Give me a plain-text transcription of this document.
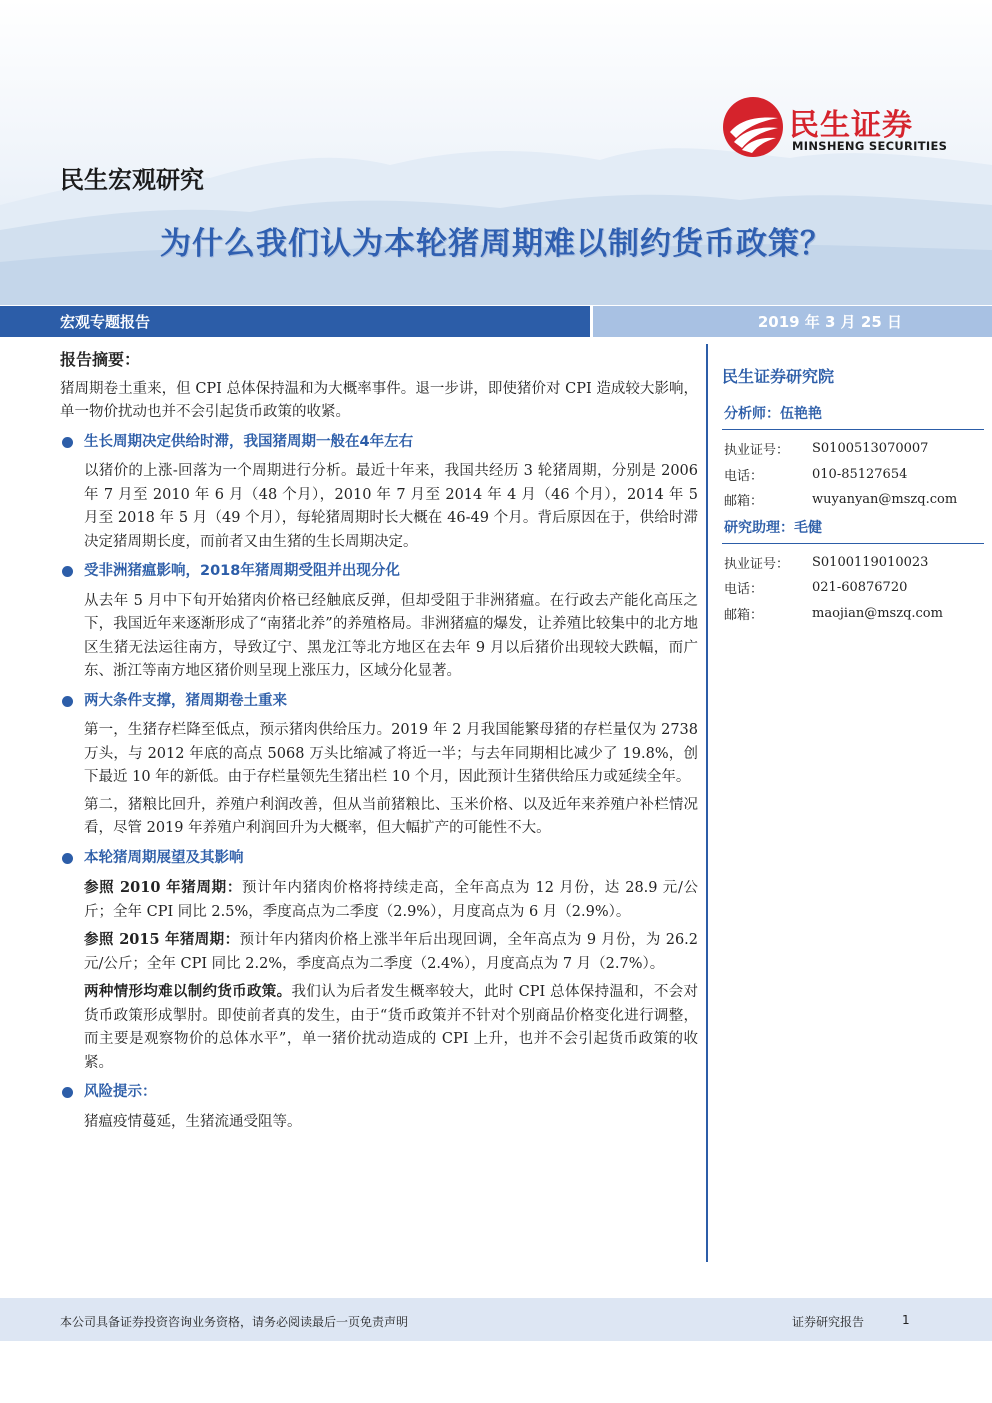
民生证券
MINSHENG SECURITIES
民生宏观研究
为什么我们认为本轮猪周期难以制约货币政策？
宏观专题报告	2019 年 3 月 25 日
报告摘要：
猪周期卷土重来，但 CPI 总体保持温和为大概率事件。退一步讲，即使猪价对 CPI 造成较大影响，单一物价扰动也并不会引起货币政策的收紧。
生长周期决定供给时滞，我国猪周期一般在4年左右
以猪价的上涨-回落为一个周期进行分析。最近十年来，我国共经历 3 轮猪周期，分别是 2006 年 7 月至 2010 年 6 月（48 个月），2010 年 7 月至 2014 年 4 月（46 个月），2014 年 5 月至 2018 年 5 月（49 个月），每轮猪周期时长大概在 46-49 个月。背后原因在于，供给时滞决定猪周期长度，而前者又由生猪的生长周期决定。
受非洲猪瘟影响，2018年猪周期受阻并出现分化
从去年 5 月中下旬开始猪肉价格已经触底反弹，但却受阻于非洲猪瘟。在行政去产能化高压之下，我国近年来逐渐形成了“南猪北养”的养殖格局。非洲猪瘟的爆发，让养殖比较集中的北方地区生猪无法运往南方，导致辽宁、黑龙江等北方地区在去年 9 月以后猪价出现较大跌幅，而广东、浙江等南方地区猪价则呈现上涨压力，区域分化显著。
两大条件支撑，猪周期卷土重来
第一，生猪存栏降至低点，预示猪肉供给压力。2019 年 2 月我国能繁母猪的存栏量仅为 2738 万头，与 2012 年底的高点 5068 万头比缩减了将近一半；与去年同期相比减少了 19.8%，创下最近 10 年的新低。由于存栏量领先生猪出栏 10 个月，因此预计生猪供给压力或延续全年。
第二，猪粮比回升，养殖户利润改善，但从当前猪粮比、玉米价格、以及近年来养殖户补栏情况看，尽管 2019 年养殖户利润回升为大概率，但大幅扩产的可能性不大。
本轮猪周期展望及其影响
参照 2010 年猪周期：预计年内猪肉价格将持续走高，全年高点为 12 月份，达 28.9 元/公斤；全年 CPI 同比 2.5%，季度高点为二季度（2.9%），月度高点为 6 月（2.9%）。
参照 2015 年猪周期：预计年内猪肉价格上涨半年后出现回调，全年高点为 9 月份，为 26.2 元/公斤；全年 CPI 同比 2.2%，季度高点为二季度（2.4%），月度高点为 7 月（2.7%）。
两种情形均难以制约货币政策。我们认为后者发生概率较大，此时 CPI 总体保持温和，不会对货币政策形成掣肘。即使前者真的发生，由于“货币政策并不针对个别商品价格变化进行调整，而主要是观察物价的总体水平”，单一猪价扰动造成的 CPI 上升，也并不会引起货币政策的收紧。
风险提示：
猪瘟疫情蔓延，生猪流通受阻等。
民生证券研究院
分析师：伍艳艳
执业证号：	S0100513070007
电话：	010-85127654
邮箱：	wuyanyan@mszq.com
研究助理：毛健
执业证号：	S0100119010023
电话：	021-60876720
邮箱：	maojian@mszq.com
本公司具备证券投资咨询业务资格，请务必阅读最后一页免责声明	证券研究报告	1
